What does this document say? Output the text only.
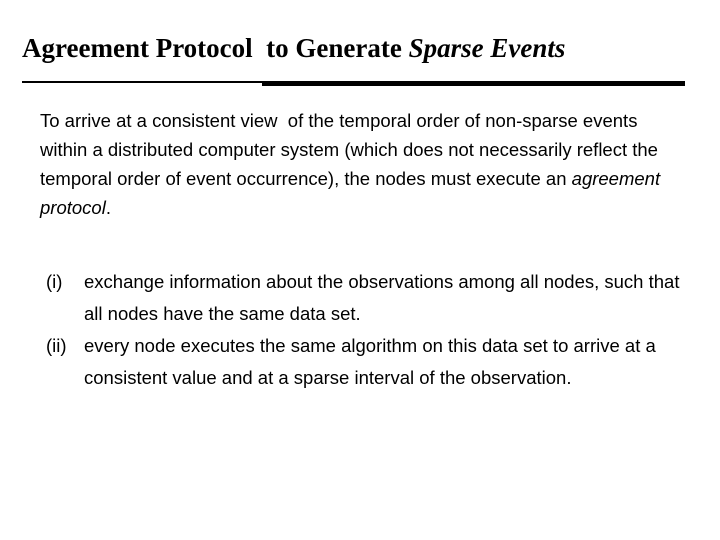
Agreement Protocol  to Generate Sparse Events

To arrive at a consistent view  of the temporal order of non-sparse events  within a distributed computer system (which does not necessarily reflect the temporal order of event occurrence), the nodes must execute an agreement protocol.

(i)	exchange information about the observations among all nodes, such that all nodes have the same data set.
(ii) every node executes the same algorithm on this data set to arrive at a consistent value and at a sparse interval of the observation.
